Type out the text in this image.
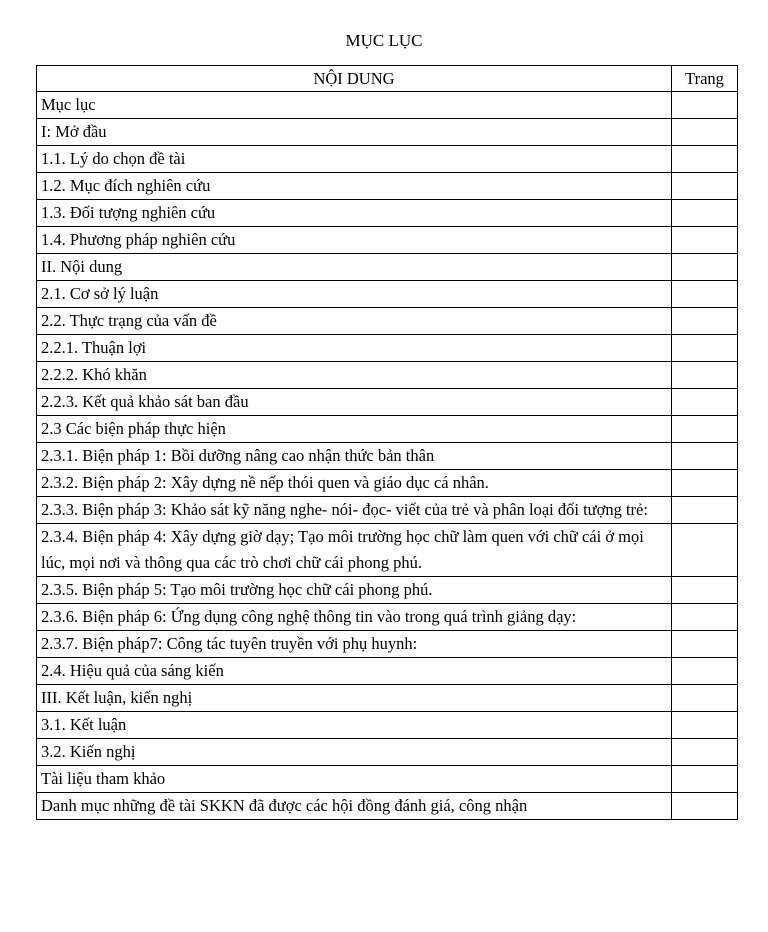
MỤC LỤC
NỘI DUNG	Trang
Mục lục	
I: Mở đầu	
1.1. Lý do chọn đề tài	
1.2. Mục đích nghiên cứu	
1.3. Đối tượng nghiên cứu	
1.4. Phương pháp nghiên cứu	
II. Nội dung	
2.1. Cơ sở lý luận	
2.2. Thực trạng của vấn đề	
2.2.1. Thuận lợi	
2.2.2. Khó khăn	
2.2.3. Kết quả khảo sát ban đầu	
2.3 Các biện pháp thực hiện	
2.3.1. Biện pháp 1: Bồi dưỡng nâng cao nhận thức bản thân	
2.3.2. Biện pháp 2: Xây dựng nề nếp thói quen và giáo dục cá nhân.	
2.3.3. Biện pháp 3: Khảo sát kỹ năng nghe- nói- đọc- viết của trẻ và phân loại đối tượng trẻ:	
2.3.4. Biện pháp 4: Xây dựng giờ dạy; Tạo môi trường học chữ làm quen với chữ cái ở mọi lúc, mọi nơi và thông qua các trò chơi chữ cái phong phú.	
2.3.5. Biện pháp 5: Tạo môi trường học chữ cái phong phú.	
2.3.6. Biện pháp 6: Ứng dụng công nghệ thông tin vào trong quá trình giảng dạy:	
2.3.7. Biện pháp7: Công tác tuyên truyền với phụ huynh:	
2.4. Hiệu quả của sáng kiến	
III. Kết luận, kiến nghị	
3.1. Kết luận	
3.2. Kiến nghị	
Tài liệu tham khảo	
Danh mục những đề tài SKKN đã được các hội đồng đánh giá, công nhận	
